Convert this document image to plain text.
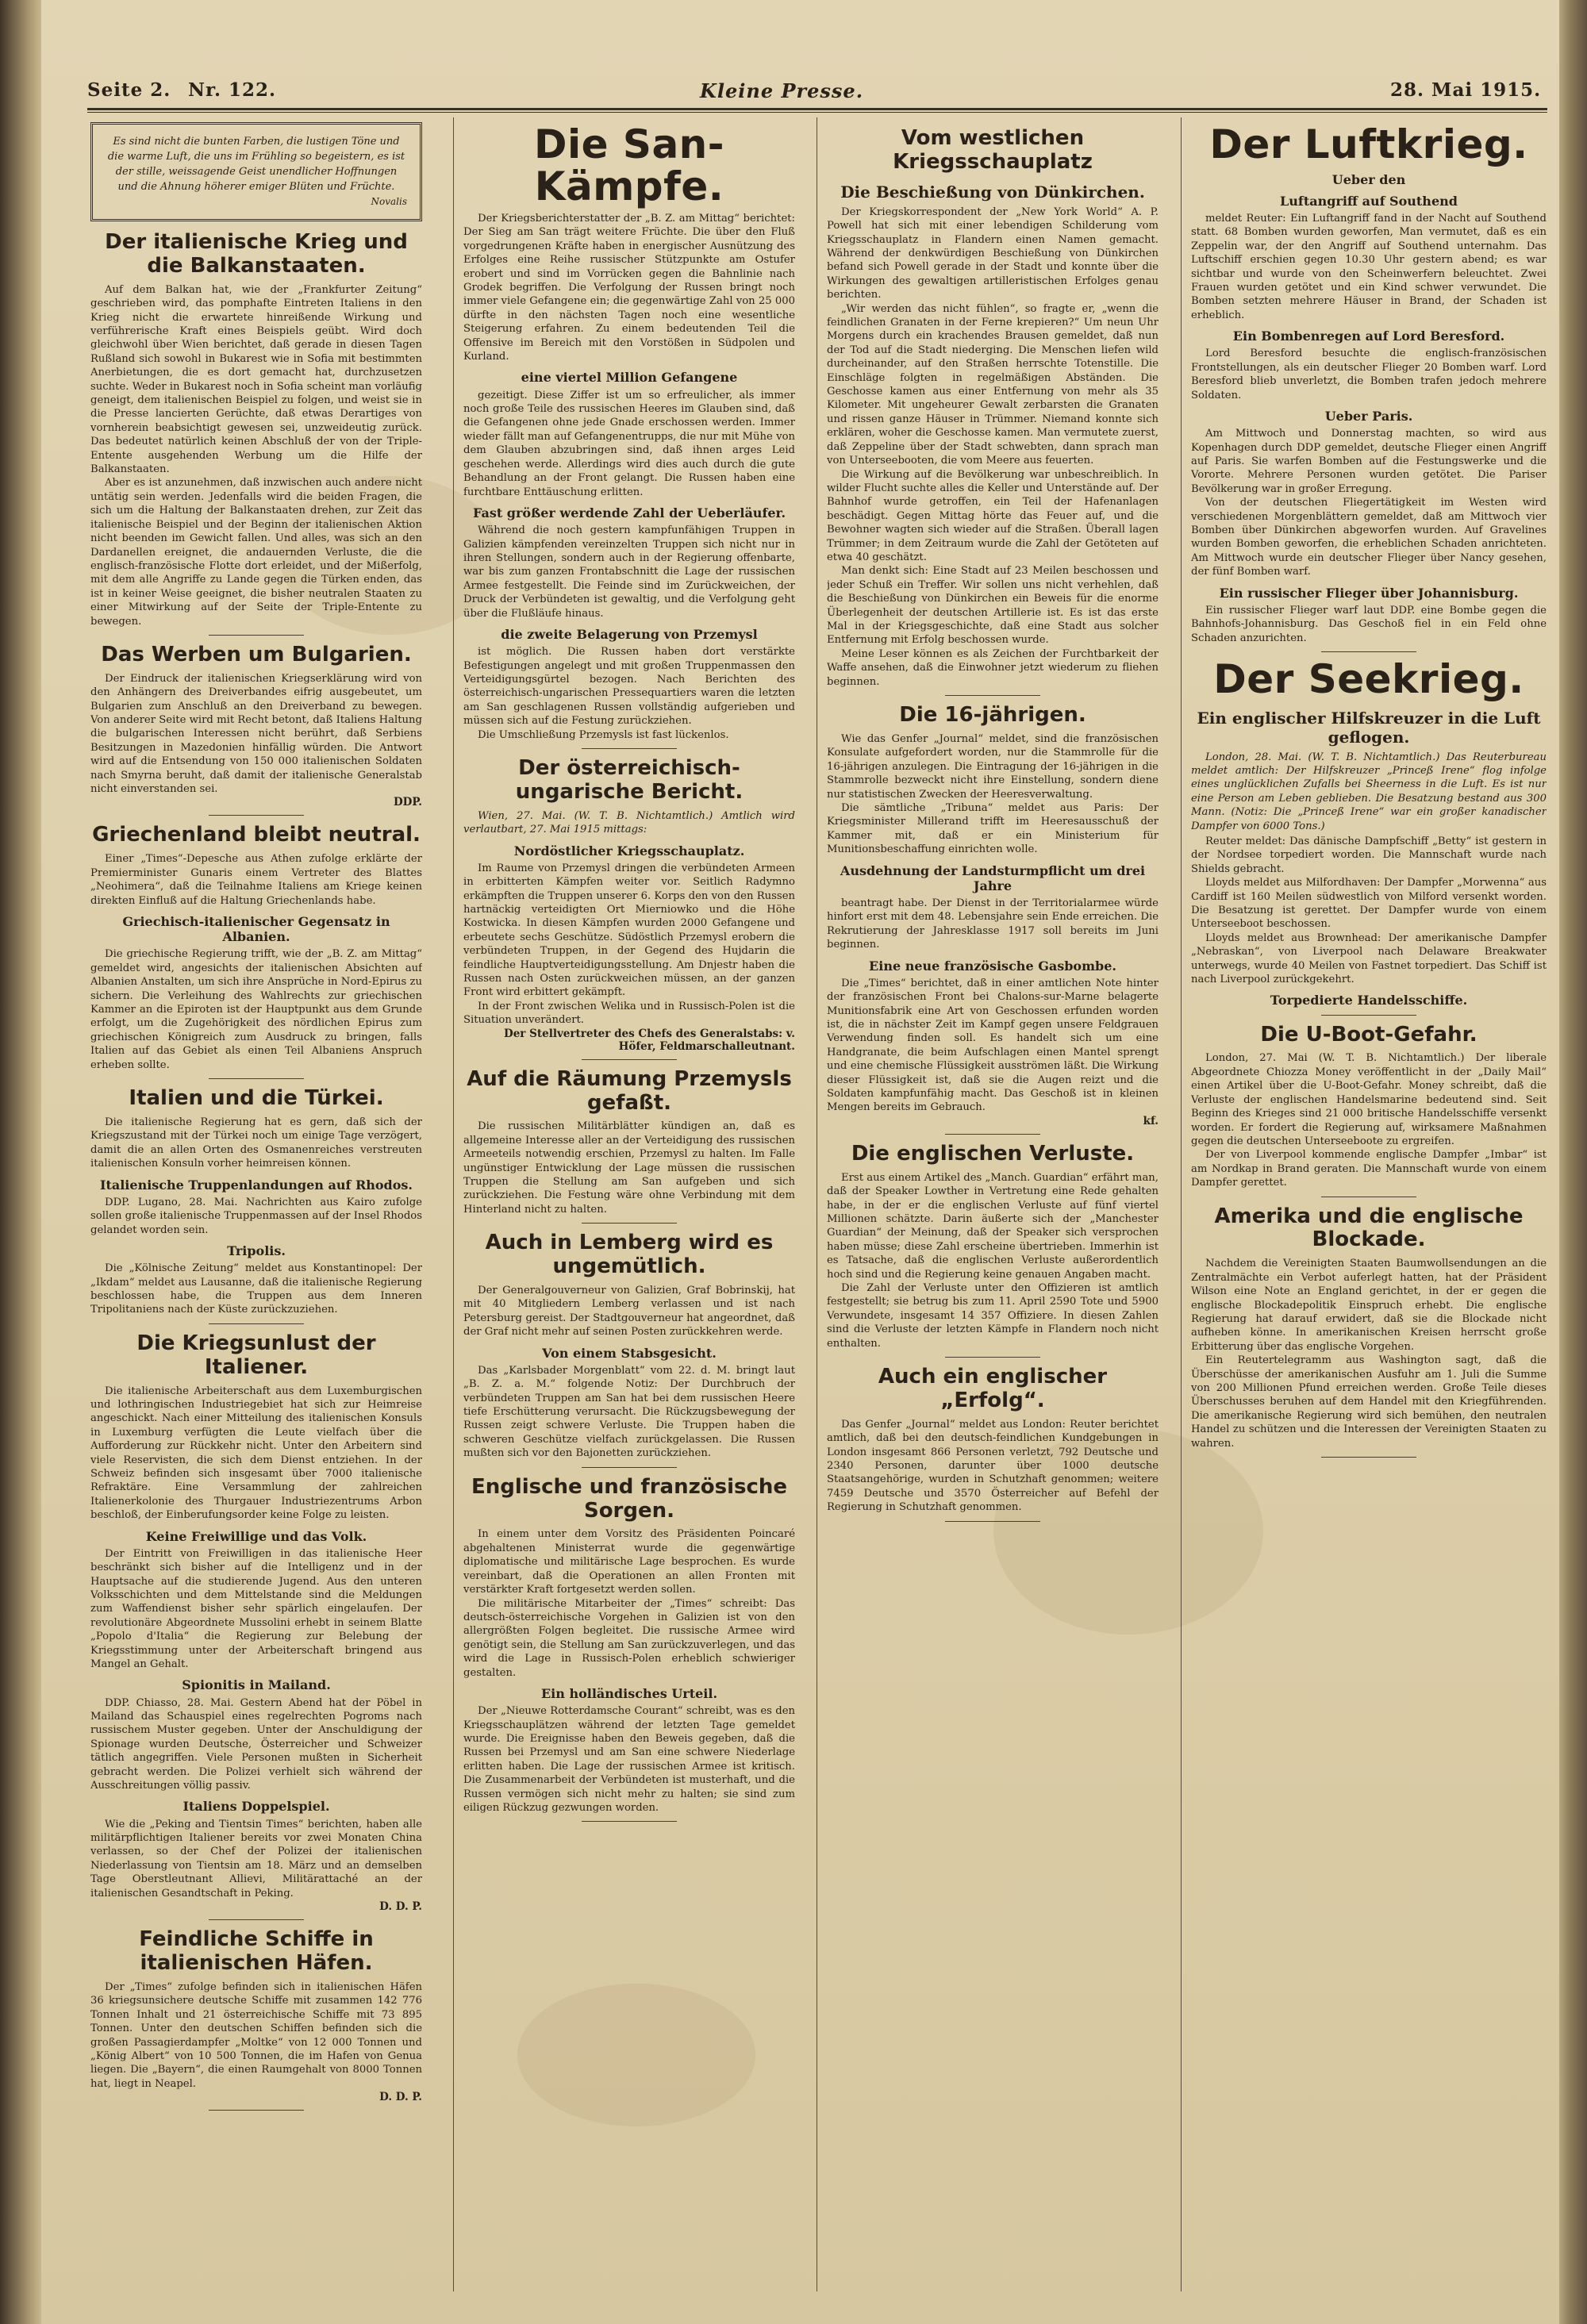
Seite 2. Nr. 122.	Kleine Presse.	28. Mai 1915.
Es sind nicht die bunten Farben, die lustigen Töne und die warme Luft, die uns im Frühling so begeistern, es ist der stille, weissagende Geist unendlicher Hoffnungen und die Ahnung höherer emiger Blüten und Früchte.
Novalis
Der italienische Krieg und die Balkanstaaten.

Auf dem Balkan hat, wie der „Frankfurter Zeitung“ geschrieben wird, das pomphafte Eintreten Italiens in den Krieg nicht die erwartete hinreißende Wirkung und verführerische Kraft eines Beispiels geübt. Wird doch gleichwohl über Wien berichtet, daß gerade in diesen Tagen Rußland sich sowohl in Bukarest wie in Sofia mit bestimmten Anerbietungen, die es dort gemacht hat, durchzusetzen suchte. Weder in Bukarest noch in Sofia scheint man vorläufig geneigt, dem italienischen Beispiel zu folgen, und weist sie in die Presse lancierten Gerüchte, daß etwas Derartiges von vornherein beabsichtigt gewesen sei, unzweideutig zurück. Das bedeutet natürlich keinen Abschluß der von der Triple-Entente ausgehenden Werbung um die Hilfe der Balkanstaaten.

Aber es ist anzunehmen, daß inzwischen auch andere nicht untätig sein werden. Jedenfalls wird die beiden Fragen, die sich um die Haltung der Balkanstaaten drehen, zur Zeit das italienische Beispiel und der Beginn der italienischen Aktion nicht beenden im Gewicht fallen. Und alles, was sich an den Dardanellen ereignet, die andauernden Verluste, die die englisch-französische Flotte dort erleidet, und der Mißerfolg, mit dem alle Angriffe zu Lande gegen die Türken enden, das ist in keiner Weise geeignet, die bisher neutralen Staaten zu einer Mitwirkung auf der Seite der Triple-Entente zu bewegen.

Das Werben um Bulgarien.

Der Eindruck der italienischen Kriegserklärung wird von den Anhängern des Dreiverbandes eifrig ausgebeutet, um Bulgarien zum Anschluß an den Dreiverband zu bewegen. Von anderer Seite wird mit Recht betont, daß Italiens Haltung die bulgarischen Interessen nicht berührt, daß Serbiens Besitzungen in Mazedonien hinfällig würden. Die Antwort wird auf die Entsendung von 150 000 italienischen Soldaten nach Smyrna beruht, daß damit der italienische Generalstab nicht einverstanden sei.

DDP.
Griechenland bleibt neutral.

Einer „Times“-Depesche aus Athen zufolge erklärte der Premierminister Gunaris einem Vertreter des Blattes „Neohimera“, daß die Teilnahme Italiens am Kriege keinen direkten Einfluß auf die Haltung Griechenlands habe.

Griechisch-italienischer Gegensatz in Albanien.

Die griechische Regierung trifft, wie der „B. Z. am Mittag“ gemeldet wird, angesichts der italienischen Absichten auf Albanien Anstalten, um sich ihre Ansprüche in Nord-Epirus zu sichern. Die Verleihung des Wahlrechts zur griechischen Kammer an die Epiroten ist der Hauptpunkt aus dem Grunde erfolgt, um die Zugehörigkeit des nördlichen Epirus zum griechischen Königreich zum Ausdruck zu bringen, falls Italien auf das Gebiet als einen Teil Albaniens Anspruch erheben sollte.

Italien und die Türkei.

Die italienische Regierung hat es gern, daß sich der Kriegszustand mit der Türkei noch um einige Tage verzögert, damit die an allen Orten des Osmanenreiches verstreuten italienischen Konsuln vorher heimreisen können.

Italienische Truppenlandungen auf Rhodos.

DDP. Lugano, 28. Mai. Nachrichten aus Kairo zufolge sollen große italienische Truppenmassen auf der Insel Rhodos gelandet worden sein.

Tripolis.

Die „Kölnische Zeitung“ meldet aus Konstantinopel: Der „Ikdam“ meldet aus Lausanne, daß die italienische Regierung beschlossen habe, die Truppen aus dem Inneren Tripolitaniens nach der Küste zurückzuziehen.

Die Kriegsunlust der Italiener.

Die italienische Arbeiterschaft aus dem Luxemburgischen und lothringischen Industriegebiet hat sich zur Heimreise angeschickt. Nach einer Mitteilung des italienischen Konsuls in Luxemburg verfügten die Leute vielfach über die Aufforderung zur Rückkehr nicht. Unter den Arbeitern sind viele Reservisten, die sich dem Dienst entziehen. In der Schweiz befinden sich insgesamt über 7000 italienische Refraktäre. Eine Versammlung der zahlreichen Italienerkolonie des Thurgauer Industriezentrums Arbon beschloß, der Einberufungsorder keine Folge zu leisten.

Keine Freiwillige und das Volk.

Der Eintritt von Freiwilligen in das italienische Heer beschränkt sich bisher auf die Intelligenz und in der Hauptsache auf die studierende Jugend. Aus den unteren Volksschichten und dem Mittelstande sind die Meldungen zum Waffendienst bisher sehr spärlich eingelaufen. Der revolutionäre Abgeordnete Mussolini erhebt in seinem Blatte „Popolo d'Italia“ die Regierung zur Belebung der Kriegsstimmung unter der Arbeiterschaft bringend aus Mangel an Gehalt.

Spionitis in Mailand.

DDP. Chiasso, 28. Mai. Gestern Abend hat der Pöbel in Mailand das Schauspiel eines regelrechten Pogroms nach russischem Muster gegeben. Unter der Anschuldigung der Spionage wurden Deutsche, Österreicher und Schweizer tätlich angegriffen. Viele Personen mußten in Sicherheit gebracht werden. Die Polizei verhielt sich während der Ausschreitungen völlig passiv.

Italiens Doppelspiel.

Wie die „Peking and Tientsin Times“ berichten, haben alle militärpflichtigen Italiener bereits vor zwei Monaten China verlassen, so der Chef der Polizei der italienischen Niederlassung von Tientsin am 18. März und an demselben Tage Oberstleutnant Allievi, Militärattaché an der italienischen Gesandtschaft in Peking.

D. D. P.
Feindliche Schiffe in italienischen Häfen.

Der „Times“ zufolge befinden sich in italienischen Häfen 36 kriegsunsichere deutsche Schiffe mit zusammen 142 776 Tonnen Inhalt und 21 österreichische Schiffe mit 73 895 Tonnen. Unter den deutschen Schiffen befinden sich die großen Passagierdampfer „Moltke“ von 12 000 Tonnen und „König Albert“ von 10 500 Tonnen, die im Hafen von Genua liegen. Die „Bayern“, die einen Raumgehalt von 8000 Tonnen hat, liegt in Neapel.

D. D. P.
Die San-Kämpfe.

Der Kriegsberichterstatter der „B. Z. am Mittag“ berichtet: Der Sieg am San trägt weitere Früchte. Die über den Fluß vorgedrungenen Kräfte haben in energischer Ausnützung des Erfolges eine Reihe russischer Stützpunkte am Ostufer erobert und sind im Vorrücken gegen die Bahnlinie nach Grodek begriffen. Die Verfolgung der Russen bringt noch immer viele Gefangene ein; die gegenwärtige Zahl von 25 000 dürfte in den nächsten Tagen noch eine wesentliche Steigerung erfahren. Zu einem bedeutenden Teil die Offensive im Bereich mit den Vorstößen in Südpolen und Kurland.

eine viertel Million Gefangene

gezeitigt. Diese Ziffer ist um so erfreulicher, als immer noch große Teile des russischen Heeres im Glauben sind, daß die Gefangenen ohne jede Gnade erschossen werden. Immer wieder fällt man auf Gefangenentrupps, die nur mit Mühe von dem Glauben abzubringen sind, daß ihnen arges Leid geschehen werde. Allerdings wird dies auch durch die gute Behandlung an der Front gelangt. Die Russen haben eine furchtbare Enttäuschung erlitten.

Fast größer werdende Zahl der Ueberläufer.

Während die noch gestern kampfunfähigen Truppen in Galizien kämpfenden vereinzelten Truppen sich nicht nur in ihren Stellungen, sondern auch in der Regierung offenbarte, war bis zum ganzen Frontabschnitt die Lage der russischen Armee festgestellt. Die Feinde sind im Zurückweichen, der Druck der Verbündeten ist gewaltig, und die Verfolgung geht über die Flußläufe hinaus.

die zweite Belagerung von Przemysl

ist möglich. Die Russen haben dort verstärkte Befestigungen angelegt und mit großen Truppenmassen den Verteidigungsgürtel bezogen. Nach Berichten des österreichisch-ungarischen Pressequartiers waren die letzten am San geschlagenen Russen vollständig aufgerieben und müssen sich auf die Festung zurückziehen.

Die Umschließung Przemysls ist fast lückenlos.

Der österreichisch-ungarische Bericht.

Wien, 27. Mai. (W. T. B. Nichtamtlich.) Amtlich wird verlautbart, 27. Mai 1915 mittags:

Nordöstlicher Kriegsschauplatz.

Im Raume von Przemysl dringen die verbündeten Armeen in erbitterten Kämpfen weiter vor. Seitlich Radymno erkämpften die Truppen unserer 6. Korps den von den Russen hartnäckig verteidigten Ort Mierniowko und die Höhe Kostwicka. In diesen Kämpfen wurden 2000 Gefangene und erbeutete sechs Geschütze. Südöstlich Przemysl erobern die verbündeten Truppen, in der Gegend des Hujdarin die feindliche Hauptverteidigungsstellung. Am Dnjestr haben die Russen nach Osten zurückweichen müssen, an der ganzen Front wird erbittert gekämpft.

In der Front zwischen Welika und in Russisch-Polen ist die Situation unverändert.

Der Stellvertreter des Chefs des Generalstabs: v. Höfer, Feldmarschalleutnant.
Auf die Räumung Przemysls gefaßt.

Die russischen Militärblätter kündigen an, daß es allgemeine Interesse aller an der Verteidigung des russischen Armeeteils notwendig erschien, Przemysl zu halten. Im Falle ungünstiger Entwicklung der Lage müssen die russischen Truppen die Stellung am San aufgeben und sich zurückziehen. Die Festung wäre ohne Verbindung mit dem Hinterland nicht zu halten.

Auch in Lemberg wird es ungemütlich.

Der Generalgouverneur von Galizien, Graf Bobrinskij, hat mit 40 Mitgliedern Lemberg verlassen und ist nach Petersburg gereist. Der Stadtgouverneur hat angeordnet, daß der Graf nicht mehr auf seinen Posten zurückkehren werde.

Von einem Stabsgesicht.

Das „Karlsbader Morgenblatt“ vom 22. d. M. bringt laut „B. Z. a. M.“ folgende Notiz: Der Durchbruch der verbündeten Truppen am San hat bei dem russischen Heere tiefe Erschütterung verursacht. Die Rückzugsbewegung der Russen zeigt schwere Verluste. Die Truppen haben die schweren Geschütze vielfach zurückgelassen. Die Russen mußten sich vor den Bajonetten zurückziehen.

Englische und französische Sorgen.

In einem unter dem Vorsitz des Präsidenten Poincaré abgehaltenen Ministerrat wurde die gegenwärtige diplomatische und militärische Lage besprochen. Es wurde vereinbart, daß die Operationen an allen Fronten mit verstärkter Kraft fortgesetzt werden sollen.

Die militärische Mitarbeiter der „Times“ schreibt: Das deutsch-österreichische Vorgehen in Galizien ist von den allergrößten Folgen begleitet. Die russische Armee wird genötigt sein, die Stellung am San zurückzuverlegen, und das wird die Lage in Russisch-Polen erheblich schwieriger gestalten.

Ein holländisches Urteil.

Der „Nieuwe Rotterdamsche Courant“ schreibt, was es den Kriegsschauplätzen während der letzten Tage gemeldet wurde. Die Ereignisse haben den Beweis gegeben, daß die Russen bei Przemysl und am San eine schwere Niederlage erlitten haben. Die Lage der russischen Armee ist kritisch. Die Zusammenarbeit der Verbündeten ist musterhaft, und die Russen vermögen sich nicht mehr zu halten; sie sind zum eiligen Rückzug gezwungen worden.

Vom westlichen Kriegsschauplatz
Die Beschießung von Dünkirchen.

Der Kriegskorrespondent der „New York World“ A. P. Powell hat sich mit einer lebendigen Schilderung vom Kriegsschauplatz in Flandern einen Namen gemacht. Während der denkwürdigen Beschießung von Dünkirchen befand sich Powell gerade in der Stadt und konnte über die Wirkungen des gewaltigen artilleristischen Erfolges genau berichten.

„Wir werden das nicht fühlen“, so fragte er, „wenn die feindlichen Granaten in der Ferne krepieren?“ Um neun Uhr Morgens durch ein krachendes Brausen gemeldet, daß nun der Tod auf die Stadt niederging. Die Menschen liefen wild durcheinander, auf den Straßen herrschte Totenstille. Die Einschläge folgten in regelmäßigen Abständen. Die Geschosse kamen aus einer Entfernung von mehr als 35 Kilometer. Mit ungeheurer Gewalt zerbarsten die Granaten und rissen ganze Häuser in Trümmer. Niemand konnte sich erklären, woher die Geschosse kamen. Man vermutete zuerst, daß Zeppeline über der Stadt schwebten, dann sprach man von Unterseebooten, die vom Meere aus feuerten.

Die Wirkung auf die Bevölkerung war unbeschreiblich. In wilder Flucht suchte alles die Keller und Unterstände auf. Der Bahnhof wurde getroffen, ein Teil der Hafenanlagen beschädigt. Gegen Mittag hörte das Feuer auf, und die Bewohner wagten sich wieder auf die Straßen. Überall lagen Trümmer; in dem Zeitraum wurde die Zahl der Getöteten auf etwa 40 geschätzt.

Man denkt sich: Eine Stadt auf 23 Meilen beschossen und jeder Schuß ein Treffer. Wir sollen uns nicht verhehlen, daß die Beschießung von Dünkirchen ein Beweis für die enorme Überlegenheit der deutschen Artillerie ist. Es ist das erste Mal in der Kriegsgeschichte, daß eine Stadt aus solcher Entfernung mit Erfolg beschossen wurde.

Meine Leser können es als Zeichen der Furchtbarkeit der Waffe ansehen, daß die Einwohner jetzt wiederum zu fliehen beginnen.

Die 16-jährigen.

Wie das Genfer „Journal“ meldet, sind die französischen Konsulate aufgefordert worden, nur die Stammrolle für die 16-jährigen anzulegen. Die Eintragung der 16-jährigen in die Stammrolle bezweckt nicht ihre Einstellung, sondern diene nur statistischen Zwecken der Heeresverwaltung.

Die sämtliche „Tribuna“ meldet aus Paris: Der Kriegsminister Millerand trifft im Heeresausschuß der Kammer mit, daß er ein Ministerium für Munitionsbeschaffung einrichten wolle.

Ausdehnung der Landsturmpflicht um drei Jahre

beantragt habe. Der Dienst in der Territorialarmee würde hinfort erst mit dem 48. Lebensjahre sein Ende erreichen. Die Rekrutierung der Jahresklasse 1917 soll bereits im Juni beginnen.

Eine neue französische Gasbombe.

Die „Times“ berichtet, daß in einer amtlichen Note hinter der französischen Front bei Chalons-sur-Marne belagerte Munitionsfabrik eine Art von Geschossen erfunden worden ist, die in nächster Zeit im Kampf gegen unsere Feldgrauen Verwendung finden soll. Es handelt sich um eine Handgranate, die beim Aufschlagen einen Mantel sprengt und eine chemische Flüssigkeit ausströmen läßt. Die Wirkung dieser Flüssigkeit ist, daß sie die Augen reizt und die Soldaten kampfunfähig macht. Das Geschoß ist in kleinen Mengen bereits im Gebrauch.

kf.
Die englischen Verluste.

Erst aus einem Artikel des „Manch. Guardian“ erfährt man, daß der Speaker Lowther in Vertretung eine Rede gehalten habe, in der er die englischen Verluste auf fünf viertel Millionen schätzte. Darin äußerte sich der „Manchester Guardian“ der Meinung, daß der Speaker sich versprochen haben müsse; diese Zahl erscheine übertrieben. Immerhin ist es Tatsache, daß die englischen Verluste außerordentlich hoch sind und die Regierung keine genauen Angaben macht.

Die Zahl der Verluste unter den Offizieren ist amtlich festgestellt; sie betrug bis zum 11. April 2590 Tote und 5900 Verwundete, insgesamt 14 357 Offiziere. In diesen Zahlen sind die Verluste der letzten Kämpfe in Flandern noch nicht enthalten.

Auch ein englischer „Erfolg“.

Das Genfer „Journal“ meldet aus London: Reuter berichtet amtlich, daß bei den deutsch-feindlichen Kundgebungen in London insgesamt 866 Personen verletzt, 792 Deutsche und 2340 Personen, darunter über 1000 deutsche Staatsangehörige, wurden in Schutzhaft genommen; weitere 7459 Deutsche und 3570 Österreicher auf Befehl der Regierung in Schutzhaft genommen.

Der Luftkrieg.
Ueber den
Luftangriff auf Southend

meldet Reuter: Ein Luftangriff fand in der Nacht auf Southend statt. 68 Bomben wurden geworfen, Man vermutet, daß es ein Zeppelin war, der den Angriff auf Southend unternahm. Das Luftschiff erschien gegen 10.30 Uhr gestern abend; es war sichtbar und wurde von den Scheinwerfern beleuchtet. Zwei Frauen wurden getötet und ein Kind schwer verwundet. Die Bomben setzten mehrere Häuser in Brand, der Schaden ist erheblich.

Ein Bombenregen auf Lord Beresford.

Lord Beresford besuchte die englisch-französischen Frontstellungen, als ein deutscher Flieger 20 Bomben warf. Lord Beresford blieb unverletzt, die Bomben trafen jedoch mehrere Soldaten.

Ueber Paris.

Am Mittwoch und Donnerstag machten, so wird aus Kopenhagen durch DDP gemeldet, deutsche Flieger einen Angriff auf Paris. Sie warfen Bomben auf die Festungswerke und die Vororte. Mehrere Personen wurden getötet. Die Pariser Bevölkerung war in großer Erregung.

Von der deutschen Fliegertätigkeit im Westen wird verschiedenen Morgenblättern gemeldet, daß am Mittwoch vier Bomben über Dünkirchen abgeworfen wurden. Auf Gravelines wurden Bomben geworfen, die erheblichen Schaden anrichteten. Am Mittwoch wurde ein deutscher Flieger über Nancy gesehen, der fünf Bomben warf.

Ein russischer Flieger über Johannisburg.

Ein russischer Flieger warf laut DDP. eine Bombe gegen die Bahnhofs-Johannisburg. Das Geschoß fiel in ein Feld ohne Schaden anzurichten.

Der Seekrieg.
Ein englischer Hilfskreuzer in die Luft geflogen.

London, 28. Mai. (W. T. B. Nichtamtlich.) Das Reuterbureau meldet amtlich: Der Hilfskreuzer „Princeß Irene“ flog infolge eines unglücklichen Zufalls bei Sheerness in die Luft. Es ist nur eine Person am Leben geblieben. Die Besatzung bestand aus 300 Mann. (Notiz: Die „Princeß Irene“ war ein großer kanadischer Dampfer von 6000 Tons.)

Reuter meldet: Das dänische Dampfschiff „Betty“ ist gestern in der Nordsee torpediert worden. Die Mannschaft wurde nach Shields gebracht.

Lloyds meldet aus Milfordhaven: Der Dampfer „Morwenna“ aus Cardiff ist 160 Meilen südwestlich von Milford versenkt worden. Die Besatzung ist gerettet. Der Dampfer wurde von einem Unterseeboot beschossen.

Lloyds meldet aus Brownhead: Der amerikanische Dampfer „Nebraskan“, von Liverpool nach Delaware Breakwater unterwegs, wurde 40 Meilen von Fastnet torpediert. Das Schiff ist nach Liverpool zurückgekehrt.

Torpedierte Handelsschiffe.
Die U-Boot-Gefahr.

London, 27. Mai (W. T. B. Nichtamtlich.) Der liberale Abgeordnete Chiozza Money veröffentlicht in der „Daily Mail“ einen Artikel über die U-Boot-Gefahr. Money schreibt, daß die Verluste der englischen Handelsmarine bedeutend sind. Seit Beginn des Krieges sind 21 000 britische Handelsschiffe versenkt worden. Er fordert die Regierung auf, wirksamere Maßnahmen gegen die deutschen Unterseeboote zu ergreifen.

Der von Liverpool kommende englische Dampfer „Imbar“ ist am Nordkap in Brand geraten. Die Mannschaft wurde von einem Dampfer gerettet.

Amerika und die englische Blockade.

Nachdem die Vereinigten Staaten Baumwollsendungen an die Zentralmächte ein Verbot auferlegt hatten, hat der Präsident Wilson eine Note an England gerichtet, in der er gegen die englische Blockadepolitik Einspruch erhebt. Die englische Regierung hat darauf erwidert, daß sie die Blockade nicht aufheben könne. In amerikanischen Kreisen herrscht große Erbitterung über das englische Vorgehen.

Ein Reutertelegramm aus Washington sagt, daß die Überschüsse der amerikanischen Ausfuhr am 1. Juli die Summe von 200 Millionen Pfund erreichen werden. Große Teile dieses Überschusses beruhen auf dem Handel mit den Kriegführenden. Die amerikanische Regierung wird sich bemühen, den neutralen Handel zu schützen und die Interessen der Vereinigten Staaten zu wahren.
